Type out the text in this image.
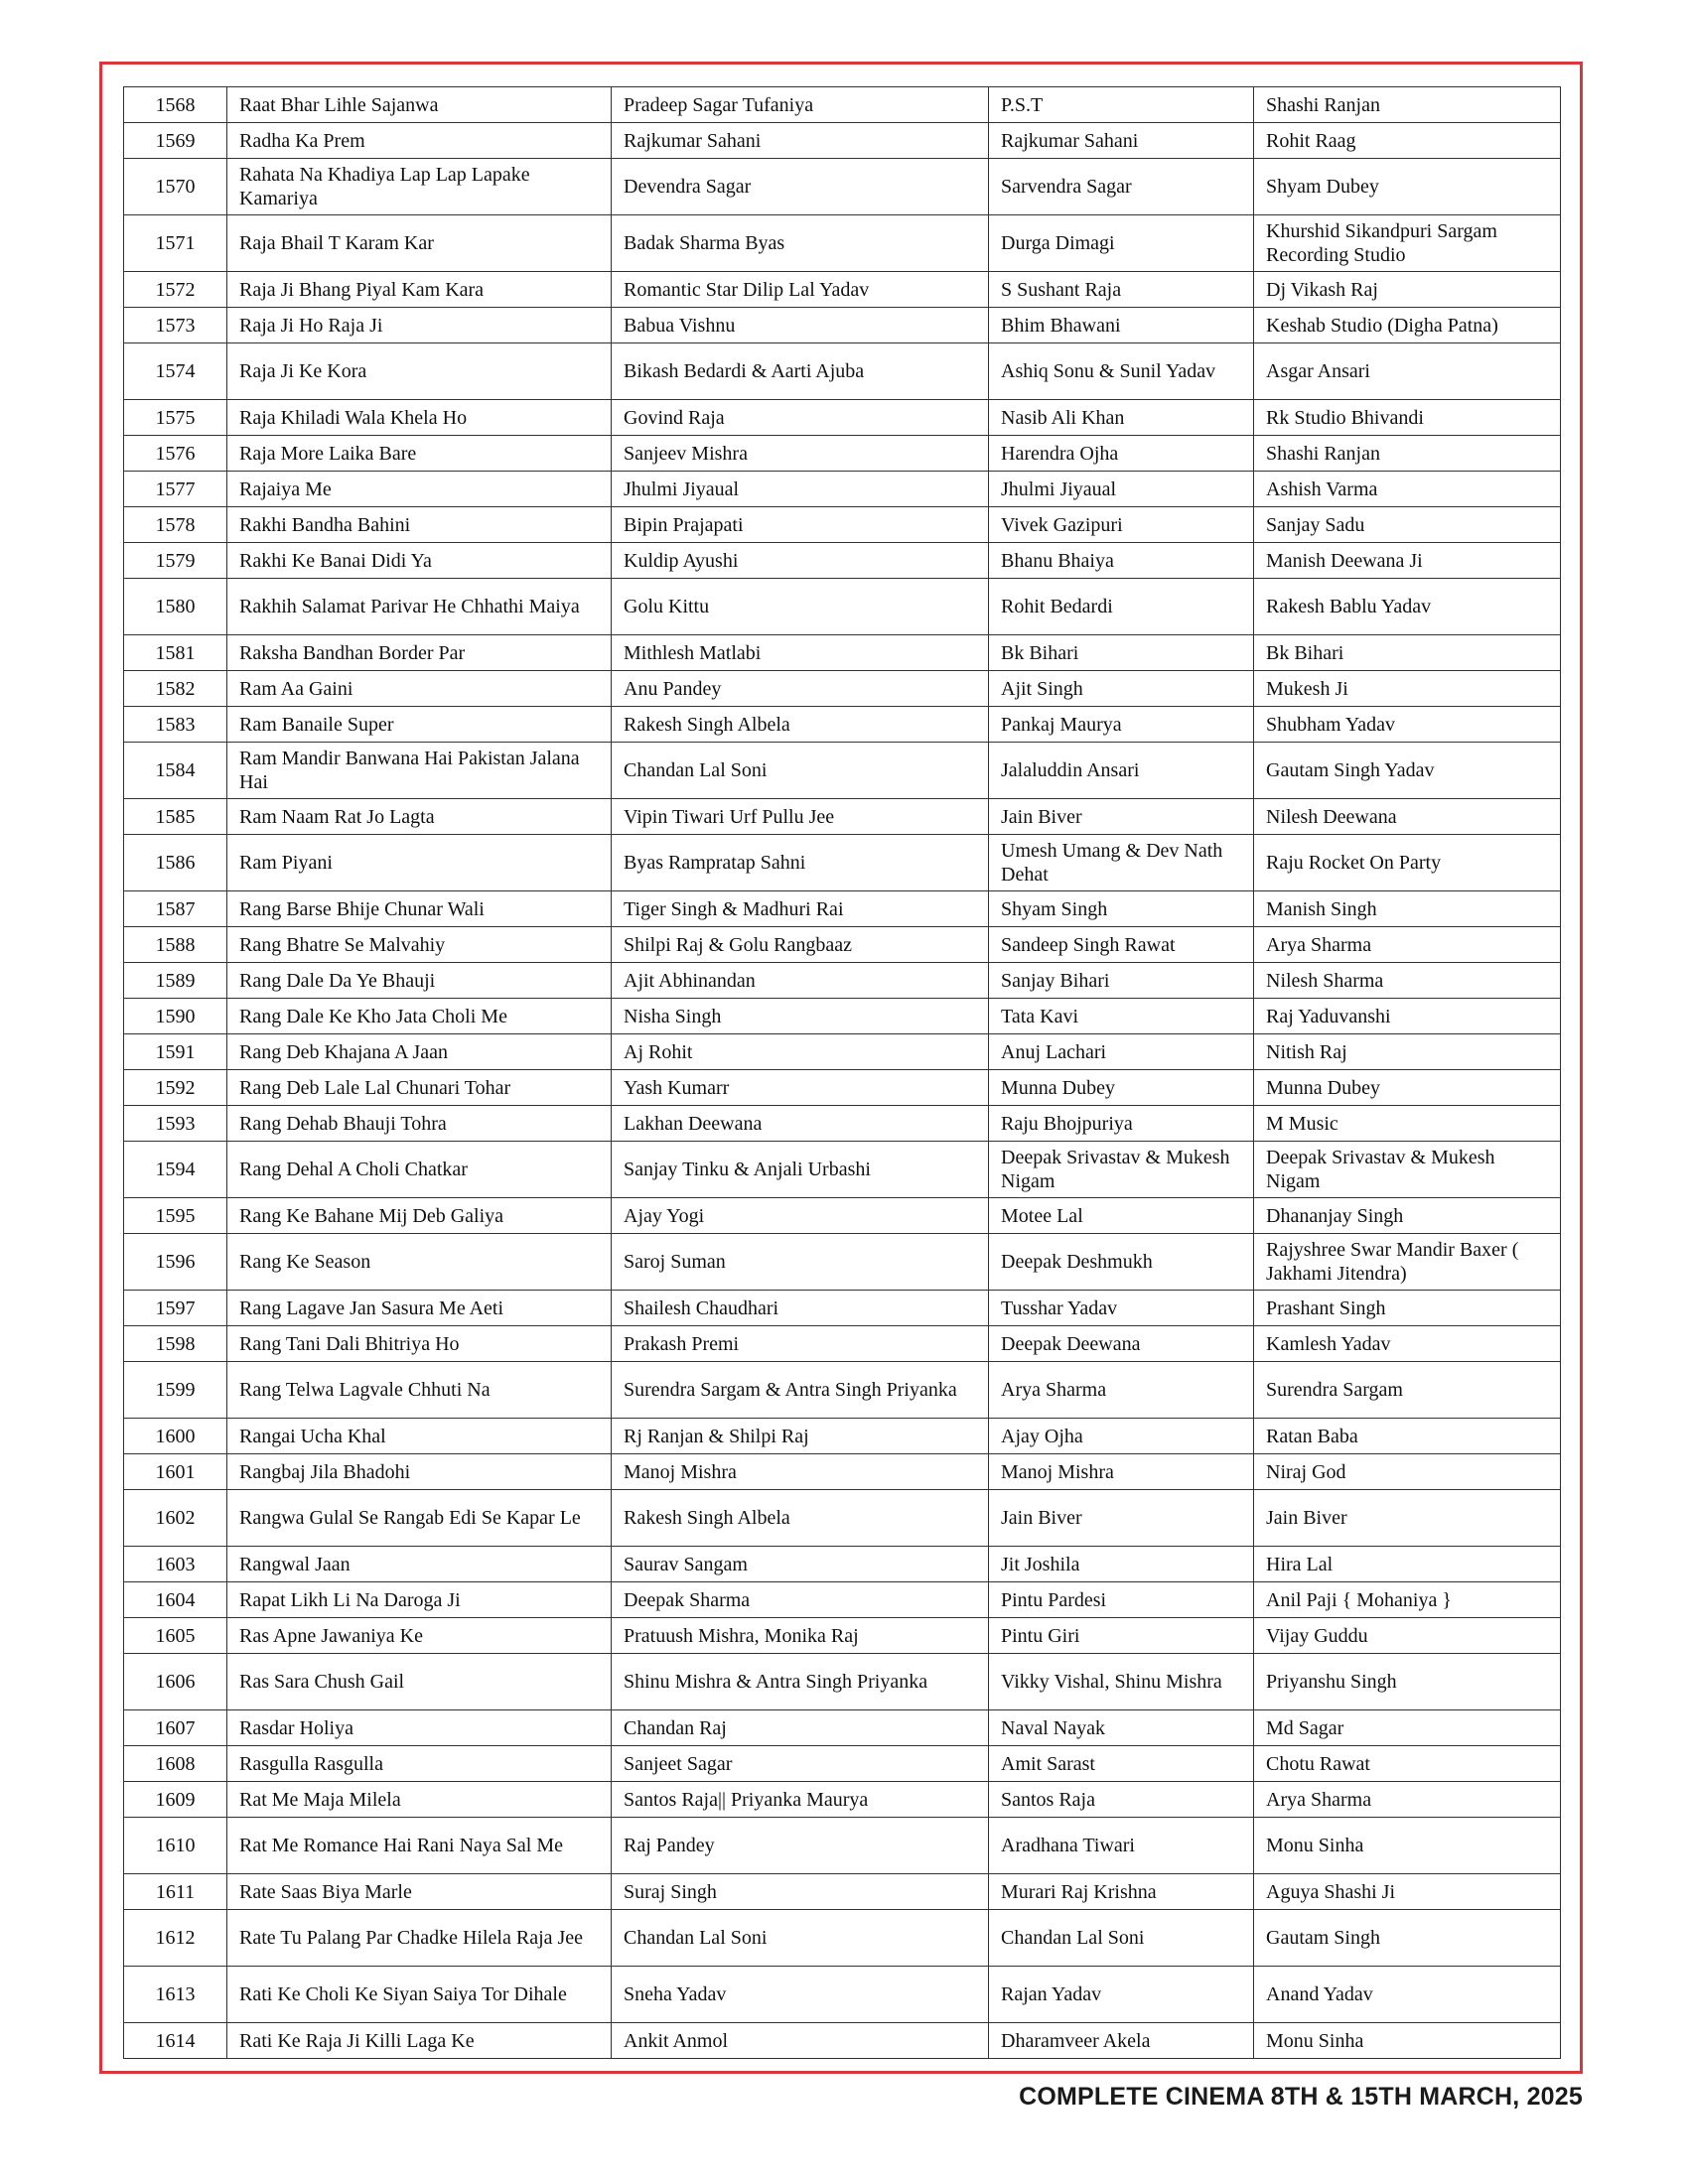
1568	Raat Bhar Lihle Sajanwa	Pradeep Sagar Tufaniya	P.S.T	Shashi Ranjan
1569	Radha Ka Prem	Rajkumar Sahani	Rajkumar Sahani	Rohit Raag
1570	Rahata Na Khadiya Lap Lap Lapake Kamariya	Devendra Sagar	Sarvendra Sagar	Shyam Dubey
1571	Raja Bhail T Karam Kar	Badak Sharma Byas	Durga Dimagi	Khurshid Sikandpuri Sargam Recording Studio
1572	Raja Ji Bhang Piyal Kam Kara	Romantic Star Dilip Lal Yadav	S Sushant Raja	Dj Vikash Raj
1573	Raja Ji Ho Raja Ji	Babua Vishnu	Bhim Bhawani	Keshab Studio (Digha Patna)
1574	Raja Ji Ke Kora	Bikash Bedardi & Aarti Ajuba	Ashiq Sonu & Sunil Yadav	Asgar Ansari
1575	Raja Khiladi Wala Khela Ho	Govind Raja	Nasib Ali Khan	Rk Studio Bhivandi
1576	Raja More Laika Bare	Sanjeev Mishra	Harendra Ojha	Shashi Ranjan
1577	Rajaiya Me	Jhulmi Jiyaual	Jhulmi Jiyaual	Ashish Varma
1578	Rakhi Bandha Bahini	Bipin Prajapati	Vivek Gazipuri	Sanjay Sadu
1579	Rakhi Ke Banai Didi Ya	Kuldip Ayushi	Bhanu Bhaiya	Manish Deewana Ji
1580	Rakhih Salamat Parivar He Chhathi Maiya	Golu Kittu	Rohit Bedardi	Rakesh Bablu Yadav
1581	Raksha Bandhan Border Par	Mithlesh Matlabi	Bk Bihari	Bk Bihari
1582	Ram Aa Gaini	Anu Pandey	Ajit Singh	Mukesh Ji
1583	Ram Banaile Super	Rakesh Singh Albela	Pankaj Maurya	Shubham Yadav
1584	Ram Mandir Banwana Hai Pakistan Jalana Hai	Chandan Lal Soni	Jalaluddin Ansari	Gautam Singh Yadav
1585	Ram Naam Rat Jo Lagta	Vipin Tiwari Urf Pullu Jee	Jain Biver	Nilesh Deewana
1586	Ram Piyani	Byas Rampratap Sahni	Umesh Umang & Dev Nath Dehat	Raju Rocket On Party
1587	Rang Barse Bhije Chunar Wali	Tiger Singh & Madhuri Rai	Shyam Singh	Manish Singh
1588	Rang Bhatre Se Malvahiy	Shilpi Raj & Golu Rangbaaz	Sandeep Singh Rawat	Arya Sharma
1589	Rang Dale Da Ye Bhauji	Ajit Abhinandan	Sanjay Bihari	Nilesh Sharma
1590	Rang Dale Ke Kho Jata Choli Me	Nisha Singh	Tata Kavi	Raj Yaduvanshi
1591	Rang Deb Khajana A Jaan	Aj Rohit	Anuj Lachari	Nitish Raj
1592	Rang Deb Lale Lal Chunari Tohar	Yash Kumarr	Munna Dubey	Munna Dubey
1593	Rang Dehab Bhauji Tohra	Lakhan Deewana	Raju Bhojpuriya	M Music
1594	Rang Dehal A Choli Chatkar	Sanjay Tinku & Anjali Urbashi	Deepak Srivastav & Mukesh Nigam	Deepak Srivastav & Mukesh Nigam
1595	Rang Ke Bahane Mij Deb Galiya	Ajay Yogi	Motee Lal	Dhananjay Singh
1596	Rang Ke Season	Saroj Suman	Deepak Deshmukh	Rajyshree Swar Mandir Baxer ( Jakhami Jitendra)
1597	Rang Lagave Jan Sasura Me Aeti	Shailesh Chaudhari	Tusshar Yadav	Prashant Singh
1598	Rang Tani Dali Bhitriya Ho	Prakash Premi	Deepak Deewana	Kamlesh Yadav
1599	Rang Telwa Lagvale Chhuti Na	Surendra Sargam & Antra Singh Priyanka	Arya Sharma	Surendra Sargam
1600	Rangai Ucha Khal	Rj Ranjan & Shilpi Raj	Ajay Ojha	Ratan Baba
1601	Rangbaj Jila Bhadohi	Manoj Mishra	Manoj Mishra	Niraj God
1602	Rangwa Gulal Se Rangab Edi Se Kapar Le	Rakesh Singh Albela	Jain Biver	Jain Biver
1603	Rangwal Jaan	Saurav Sangam	Jit Joshila	Hira Lal
1604	Rapat Likh Li Na Daroga Ji	Deepak Sharma	Pintu Pardesi	Anil Paji { Mohaniya }
1605	Ras Apne Jawaniya Ke	Pratuush Mishra, Monika Raj	Pintu Giri	Vijay Guddu
1606	Ras Sara Chush Gail	Shinu Mishra & Antra Singh Priyanka	Vikky Vishal, Shinu Mishra	Priyanshu Singh
1607	Rasdar Holiya	Chandan Raj	Naval Nayak	Md Sagar
1608	Rasgulla Rasgulla	Sanjeet Sagar	Amit Sarast	Chotu Rawat
1609	Rat Me Maja Milela	Santos Raja|| Priyanka Maurya	Santos Raja	Arya Sharma
1610	Rat Me Romance Hai Rani Naya Sal Me	Raj Pandey	Aradhana Tiwari	Monu Sinha
1611	Rate Saas Biya Marle	Suraj Singh	Murari Raj Krishna	Aguya Shashi Ji
1612	Rate Tu Palang Par Chadke Hilela Raja Jee	Chandan Lal Soni	Chandan Lal Soni	Gautam Singh
1613	Rati Ke Choli Ke Siyan Saiya Tor Dihale	Sneha Yadav	Rajan Yadav	Anand Yadav
1614	Rati Ke Raja Ji Killi Laga Ke	Ankit Anmol	Dharamveer Akela	Monu Sinha
COMPLETE CINEMA 8TH & 15TH MARCH, 2025
